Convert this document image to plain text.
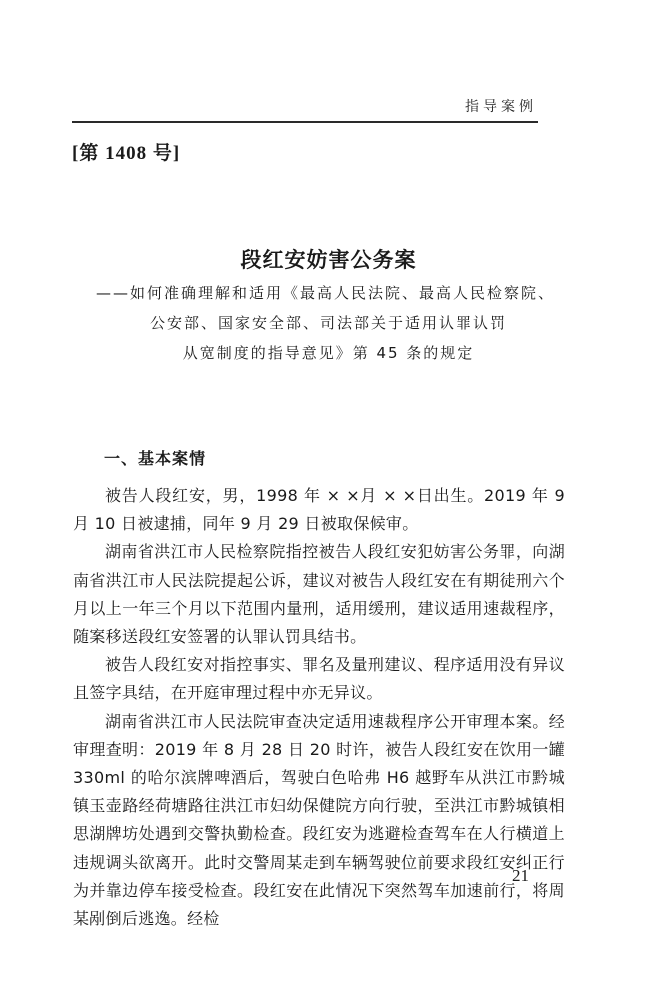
指导案例
[第 1408 号]
段红安妨害公务案
——如何准确理解和适用《最高人民法院、最高人民检察院、
公安部、国家安全部、司法部关于适用认罪认罚
从宽制度的指导意见》第 45 条的规定
一、基本案情

被告人段红安，男，1998 年 × ×月 × ×日出生。2019 年 9 月 10 日被逮捕，同年 9 月 29 日被取保候审。

湖南省洪江市人民检察院指控被告人段红安犯妨害公务罪，向湖南省洪江市人民法院提起公诉，建议对被告人段红安在有期徒刑六个月以上一年三个月以下范围内量刑，适用缓刑，建议适用速裁程序，随案移送段红安签署的认罪认罚具结书。

被告人段红安对指控事实、罪名及量刑建议、程序适用没有异议且签字具结，在开庭审理过程中亦无异议。

湖南省洪江市人民法院审查决定适用速裁程序公开审理本案。经审理查明：2019 年 8 月 28 日 20 时许，被告人段红安在饮用一罐 330ml 的哈尔滨牌啤酒后，驾驶白色哈弗 H6 越野车从洪江市黔城镇玉壶路经荷塘路往洪江市妇幼保健院方向行驶，至洪江市黔城镇相思湖牌坊处遇到交警执勤检查。段红安为逃避检查驾车在人行横道上违规调头欲离开。此时交警周某走到车辆驾驶位前要求段红安纠正行为并靠边停车接受检查。段红安在此情况下突然驾车加速前行，将周某剐倒后逃逸。经检

21
